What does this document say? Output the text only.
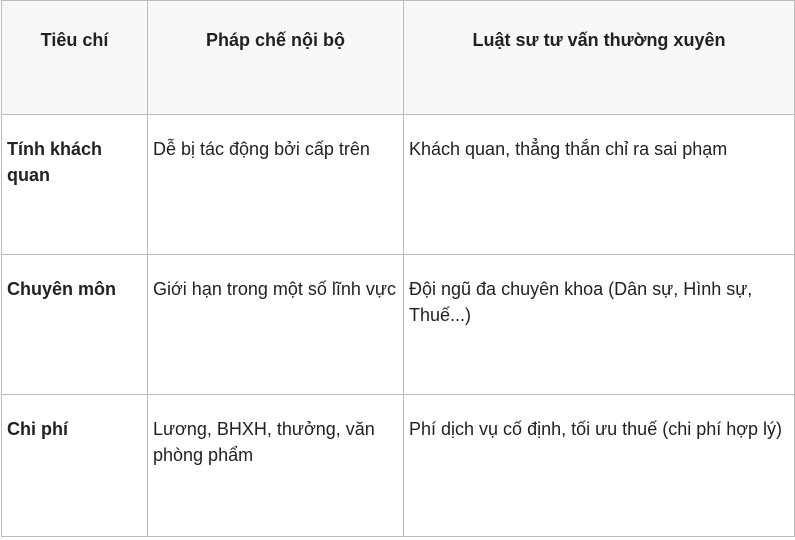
Tiêu chí	Pháp chế nội bộ	Luật sư tư vấn thường xuyên

Tính khách quan	Dễ bị tác động bởi cấp trên	Khách quan, thẳng thắn chỉ ra sai phạm

Chuyên môn	Giới hạn trong một số lĩnh vực	Đội ngũ đa chuyên khoa (Dân sự, Hình sự, Thuế...)

Chi phí	Lương, BHXH, thưởng, văn phòng phẩm	Phí dịch vụ cố định, tối ưu thuế (chi phí hợp lý)
